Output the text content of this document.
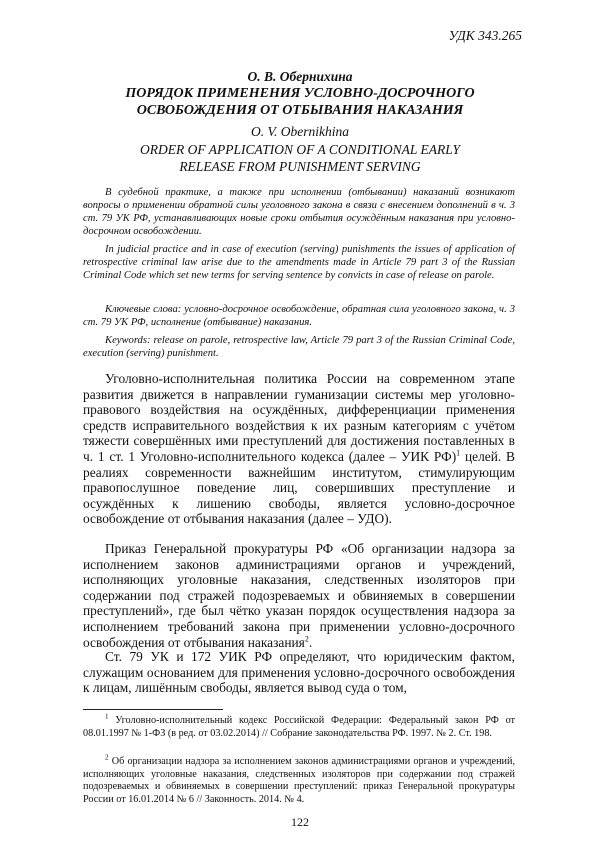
УДК 343.265
О. В. Обернихина
ПОРЯДОК ПРИМЕНЕНИЯ УСЛОВНО-ДОСРОЧНОГО
ОСВОБОЖДЕНИЯ ОТ ОТБЫВАНИЯ НАКАЗАНИЯ
O. V. Obernikhina
ORDER OF APPLICATION OF A CONDITIONAL EARLY
RELEASE FROM PUNISHMENT SERVING

В судебной практике, а также при исполнении (отбывании) наказаний возникают вопросы о применении обратной силы уголовного закона в связи с внесением дополнений в ч. 3 ст. 79 УК РФ, устанавливающих новые сроки отбытия осуждённым наказания при условно-досрочном освобождении.

In judicial practice and in case of execution (serving) punishments the issues of application of retrospective criminal law arise due to the amendments made in Article 79 part 3 of the Russian Criminal Code which set new terms for serving sentence by convicts in case of release on parole.

Ключевые слова: условно-досрочное освобождение, обратная сила уголовного закона, ч. 3 ст. 79 УК РФ, исполнение (отбывание) наказания.

Keywords: release on parole, retrospective law, Article 79 part 3 of the Russian Criminal Code, execution (serving) punishment.

Уголовно-исполнительная политика России на современном этапе развития движется в направлении гуманизации системы мер уголовно-правового воздействия на осуждённых, дифференциации применения средств исправительного воздействия к их разным категориям с учётом тяжести совершённых ими преступлений для достижения поставленных в ч. 1 ст. 1 Уголовно-исполнительного кодекса (далее – УИК РФ)$^1$ целей. В реалиях современности важнейшим институтом, стимулирующим правопослушное поведение лиц, совершивших преступление и осуждённых к лишению свободы, является условно-досрочное освобождение от отбывания наказания (далее – УДО).

Приказ Генеральной прокуратуры РФ «Об организации надзора за исполнением законов администрациями органов и учреждений, исполняющих уголовные наказания, следственных изоляторов при содержании под стражей подозреваемых и обвиняемых в совершении преступлений», где был чётко указан порядок осуществления надзора за исполнением требований закона при применении условно-досрочного освобождения от отбывания наказания$^2$.

Ст. 79 УК и 172 УИК РФ определяют, что юридическим фактом, служащим основанием для применения условно-досрочного освобождения к лицам, лишённым свободы, является вывод суда о том,

$^1$ Уголовно-исполнительный кодекс Российской Федерации: Федеральный закон РФ от 08.01.1997 № 1-ФЗ (в ред. от 03.02.2014) // Собрание законодательства РФ. 1997. № 2. Ст. 198.

$^2$ Об организации надзора за исполнением законов администрациями органов и учреждений, исполняющих уголовные наказания, следственных изоляторов при содержании под стражей подозреваемых и обвиняемых в совершении преступлений: приказ Генеральной прокуратуры России от 16.01.2014 № 6 // Законность. 2014. № 4.

122
